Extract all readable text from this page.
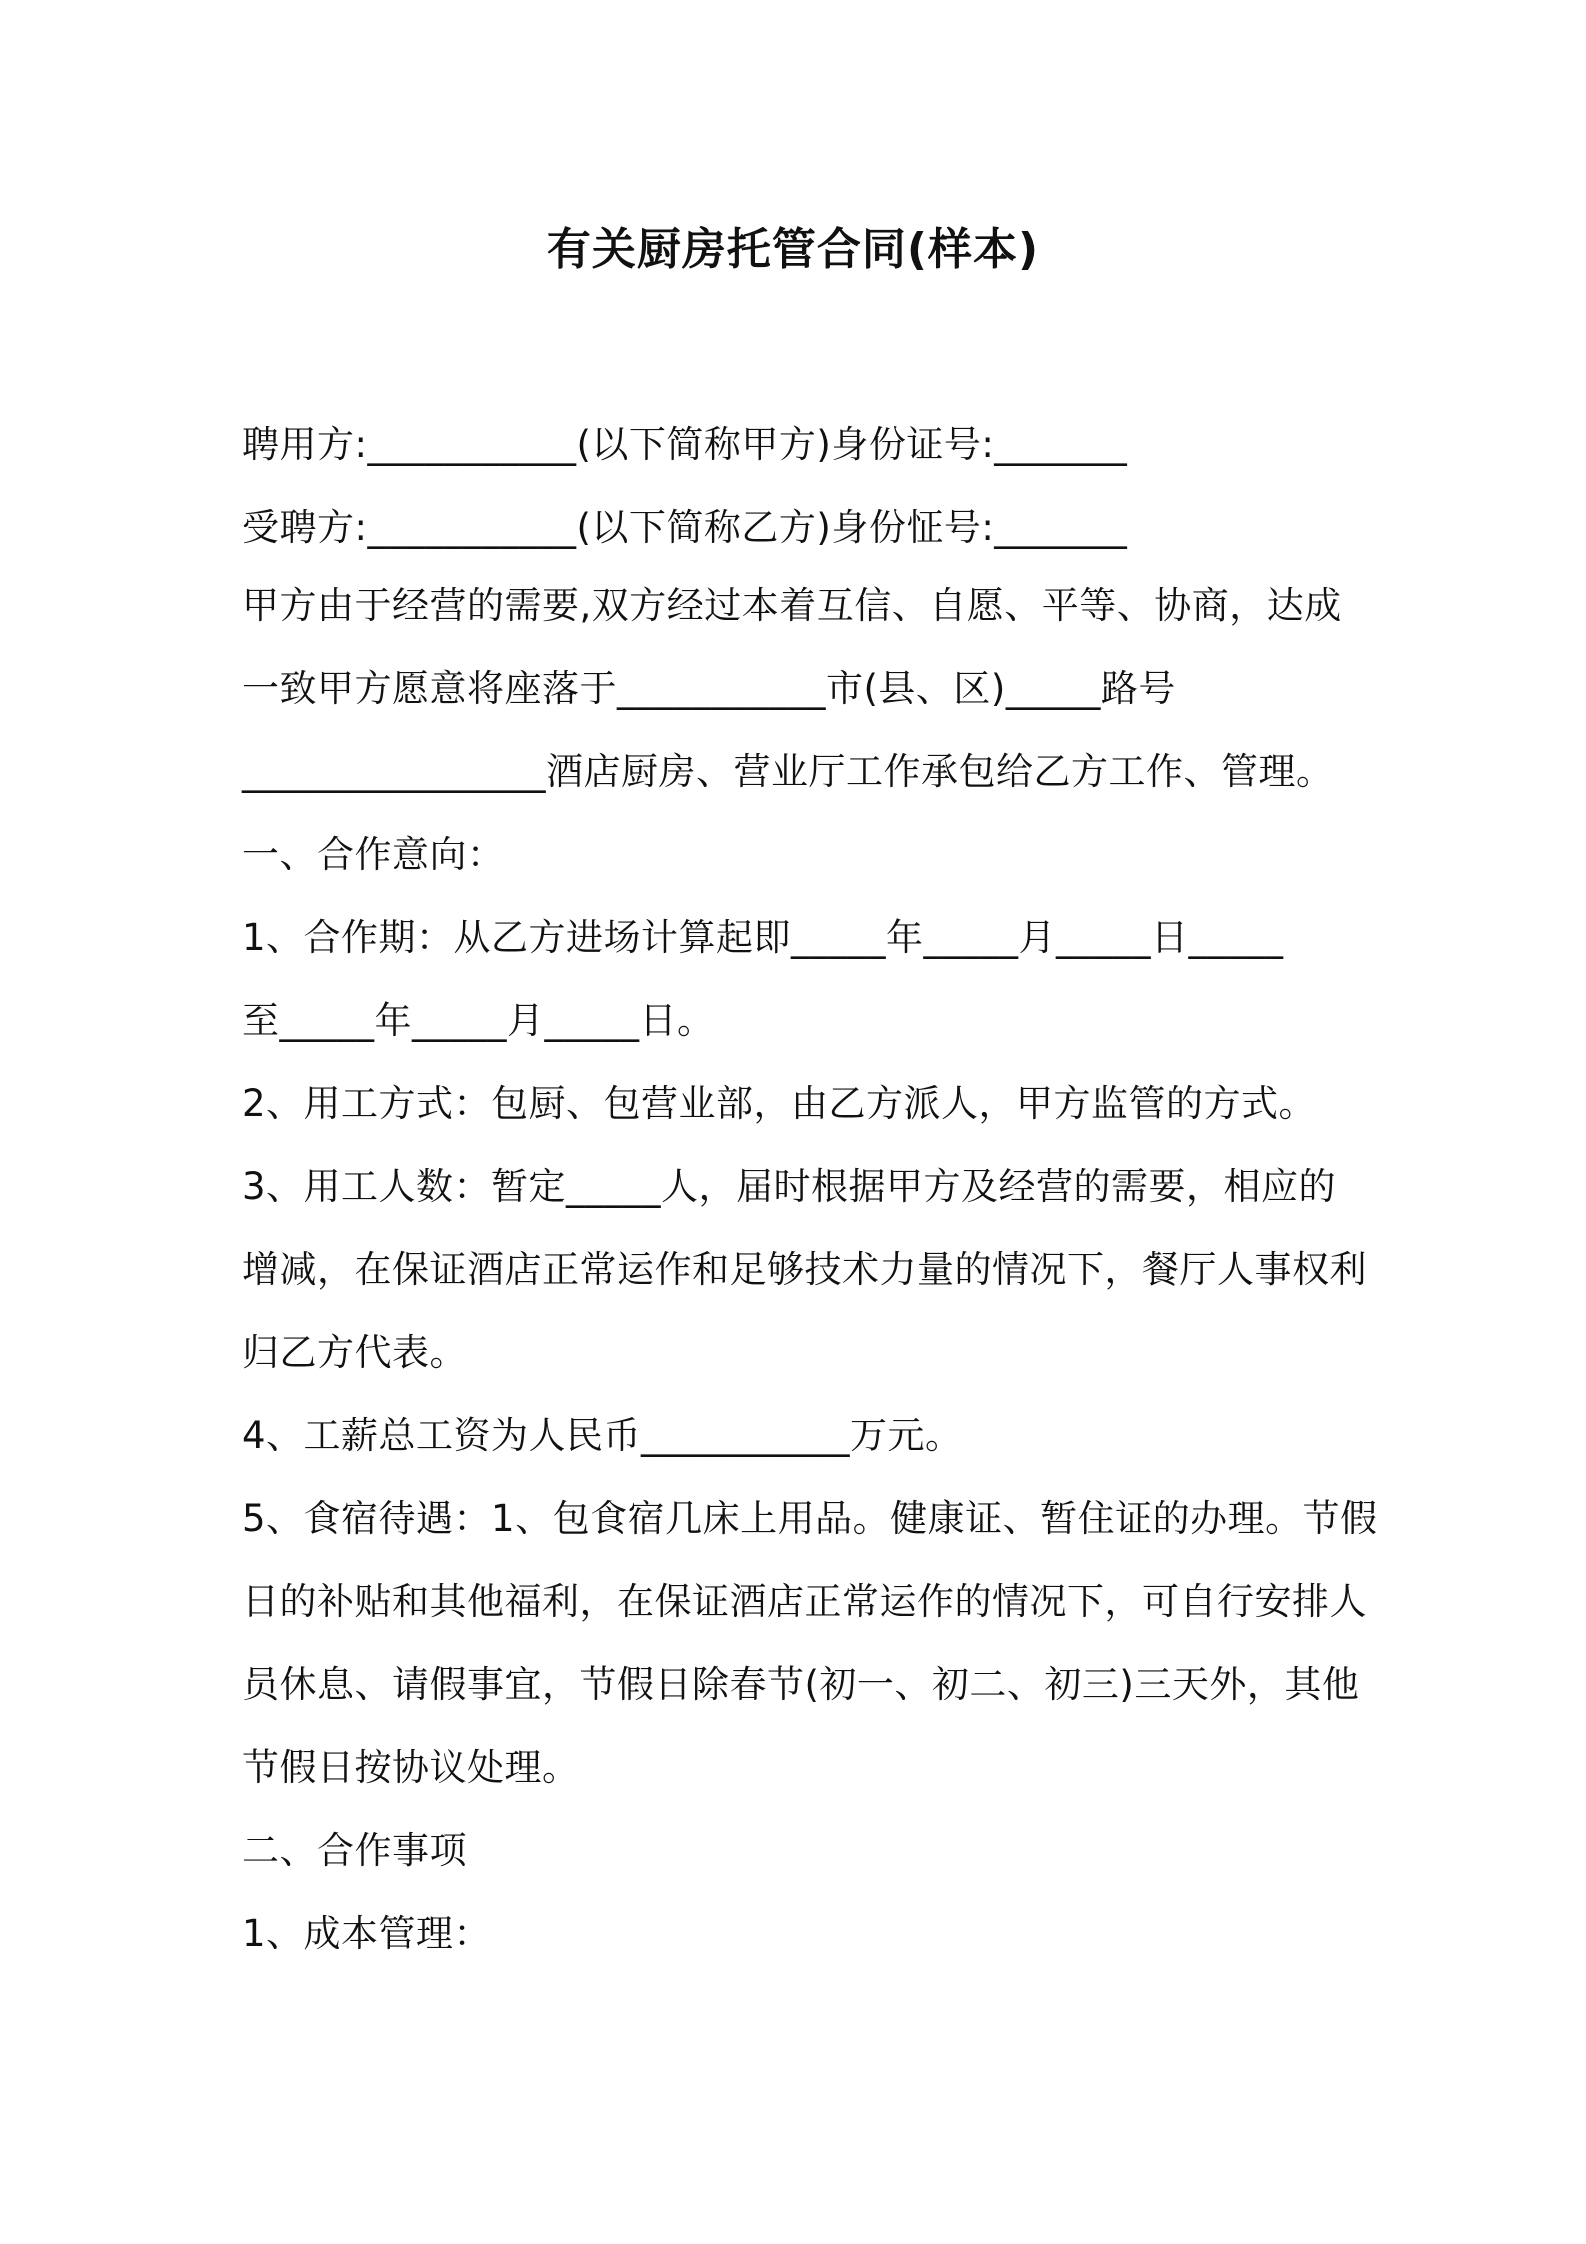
有关厨房托管合同(样本)
聘用方:___________(以下简称甲方)身份证号:_______
受聘方:___________(以下简称乙方)身份怔号:_______
甲方由于经营的需要,双方经过本着互信、自愿、平等、协商，达成
一致甲方愿意将座落于___________市(县、区)_____路号
________________酒店厨房、营业厅工作承包给乙方工作、管理。
一、合作意向：
1、合作期：从乙方进场计算起即_____年_____月_____日_____
至_____年_____月_____日。
2、用工方式：包厨、包营业部，由乙方派人，甲方监管的方式。
3、用工人数：暂定_____人，届时根据甲方及经营的需要，相应的
增减，在保证酒店正常运作和足够技术力量的情况下，餐厅人事权利
归乙方代表。
4、工薪总工资为人民币___________万元。
5、食宿待遇：1、包食宿几床上用品。健康证、暂住证的办理。节假
日的补贴和其他福利，在保证酒店正常运作的情况下，可自行安排人
员休息、请假事宜，节假日除春节(初一、初二、初三)三天外，其他
节假日按协议处理。
二、合作事项
1、成本管理：
